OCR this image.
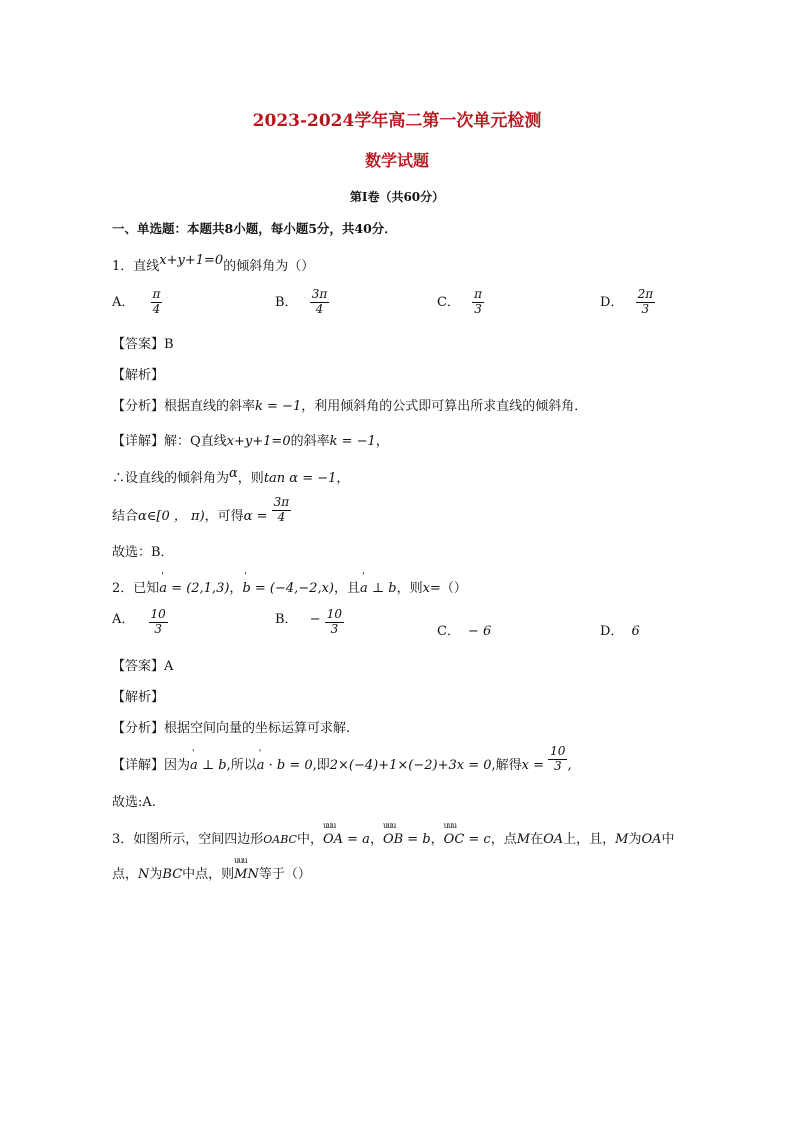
2023-2024学年高二第一次单元检测
数学试题
第Ⅰ卷（共60分）
一、单选题：本题共8小题，每小题5分，共40分．
1．直线x+y+1=0的倾斜角为（）
A． $\frac{\pi}{4}$	B． $\frac{3\pi}{4}$	C． $\frac{\pi}{3}$	D． $\frac{2\pi}{3}$
【答案】B
【解析】
【分析】根据直线的斜率k = −1，利用倾斜角的公式即可算出所求直线的倾斜角．
【详解】解：Q直线x+y+1=0的斜率k = −1，
∴设直线的倾斜角为α，则tan α = −1，
结合α∈[0 ， π)，可得$\alpha = \frac{3\pi}{4}$
故选：B．
2．已知' a = (2,1,3)，' b = (−4,−2,x)，且' a ⊥ b，则x=（）
A． $\frac{10}{3}$	B． − $\frac{10}{3}$	C． − 6	D． 6
【答案】A
【解析】
【分析】根据空间向量的坐标运算可求解.
【详解】因为' a ⊥ b,所以' a · b = 0,即2×(−4)+1×(−2)+3x = 0,解得$x = \frac{10}{3}$ ,
故选:A.
3．如图所示，空间四边形OABC中，uuu OA = a，uuu OB = b，uuu OC = c，点M在OA上，且，M为OA中
点，N为BC中点，则uuu MN等于（）
